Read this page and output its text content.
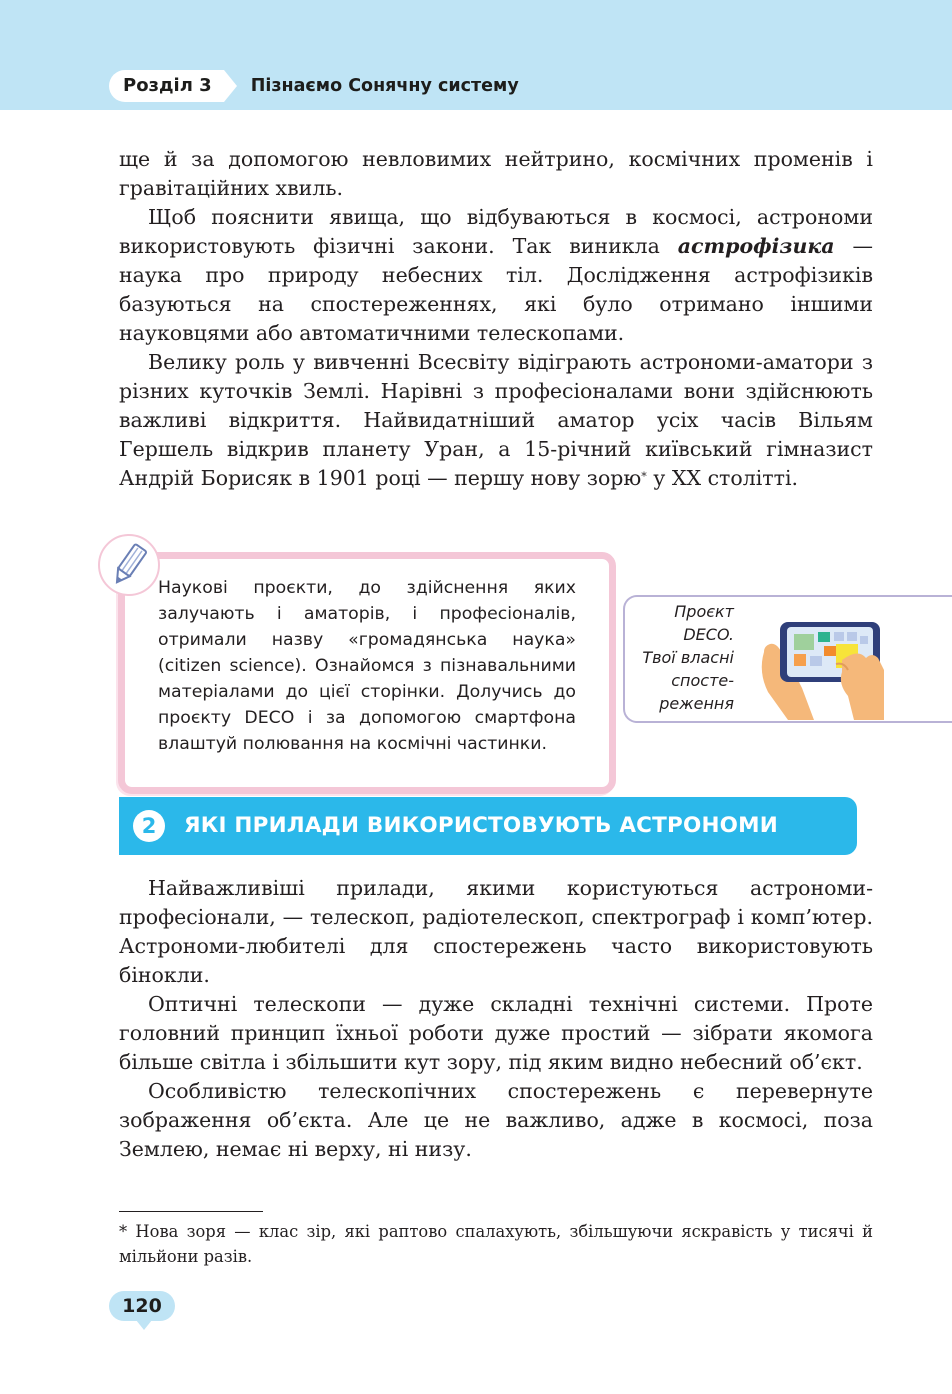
Розділ 3	Пізнаємо Сонячну систему

ще й за допомогою невловимих нейтрино, космічних променів і гравітаційних хвиль.

Щоб пояснити явища, що відбуваються в космосі, астрономи використовують фізичні закони. Так виникла астрофізика — наука про природу небесних тіл. Дослідження астрофізиків базуються на спостереженнях, які було отримано іншими науковцями або автоматичними телескопами.

Велику роль у вивченні Всесвіту відіграють астрономи-аматори з різних куточків Землі. Нарівні з професіоналами вони здійснюють важливі відкриття. Найвидатніший аматор усіх часів Вільям Гершель відкрив планету Уран, а 15-річний київський гімназист Андрій Борисяк в 1901 році — першу нову зорю* у ХХ столітті.

Наукові проєкти, до здійснення яких залучають і аматорів, і професіоналів, отримали назву «громадянська наука» (citizen science). Ознайомся з пізнавальними матеріалами до цієї сторінки. Долучись до проєкту DECO і за допомогою смартфона влаштуй полювання на космічні частинки.
Проєкт
DECO.
Твої власні
спосте-
реження
2	ЯКІ ПРИЛАДИ ВИКОРИСТОВУЮТЬ АСТРОНОМИ

Найважливіші прилади, якими користуються астрономи-професіонали, — телескоп, радіотелескоп, спектрограф і комп’ютер. Астрономи-любителі для спостережень часто використовують бінокли.

Оптичні телескопи — дуже складні технічні системи. Проте головний принцип їхньої роботи дуже простий — зібрати якомога більше світла і збільшити кут зору, під яким видно небесний об’єкт.

Особливістю телескопічних спостережень є перевернуте зображення об’єкта. Але це не важливо, адже в космосі, поза Землею, немає ні верху, ні низу.

* Нова зоря — клас зір, які раптово спалахують, збільшуючи яскравість у тисячі й мільйони разів.
120
